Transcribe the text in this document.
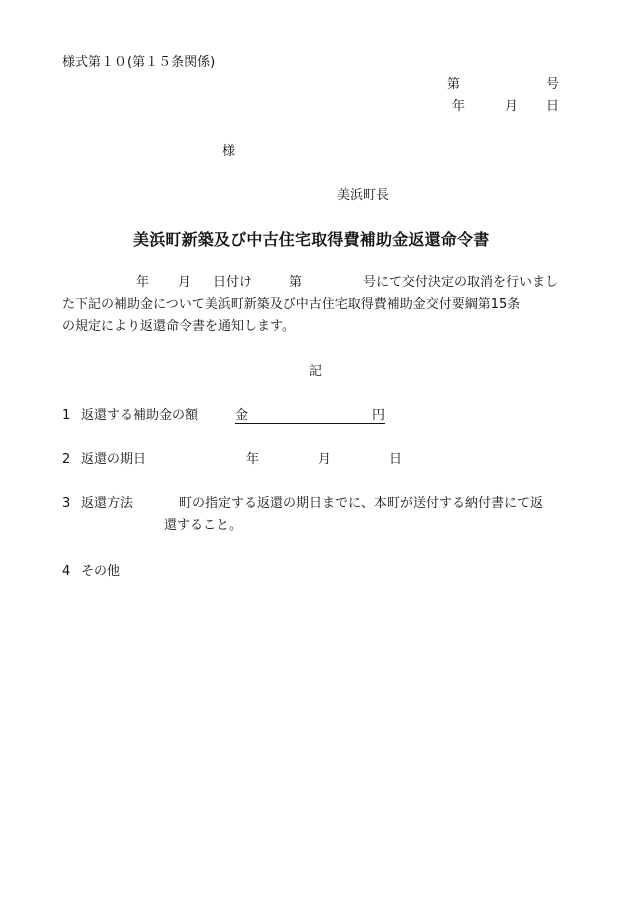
様式第１０(第１５条関係)
第	号
年	月 日
様
美浜町長
美浜町新築及び中古住宅取得費補助金返還命令書
年 月 日付け	第	号にて交付決定の取消を行いまし
た下記の補助金について美浜町新築及び中古住宅取得費補助金交付要綱第15条
の規定により返還命令書を通知します。
記
1 返還する補助金の額	金	円
2 返還の期日	年	月	日
3 返還方法	町の指定する返還の期日までに、本町が送付する納付書にて返
還すること。
4 その他
